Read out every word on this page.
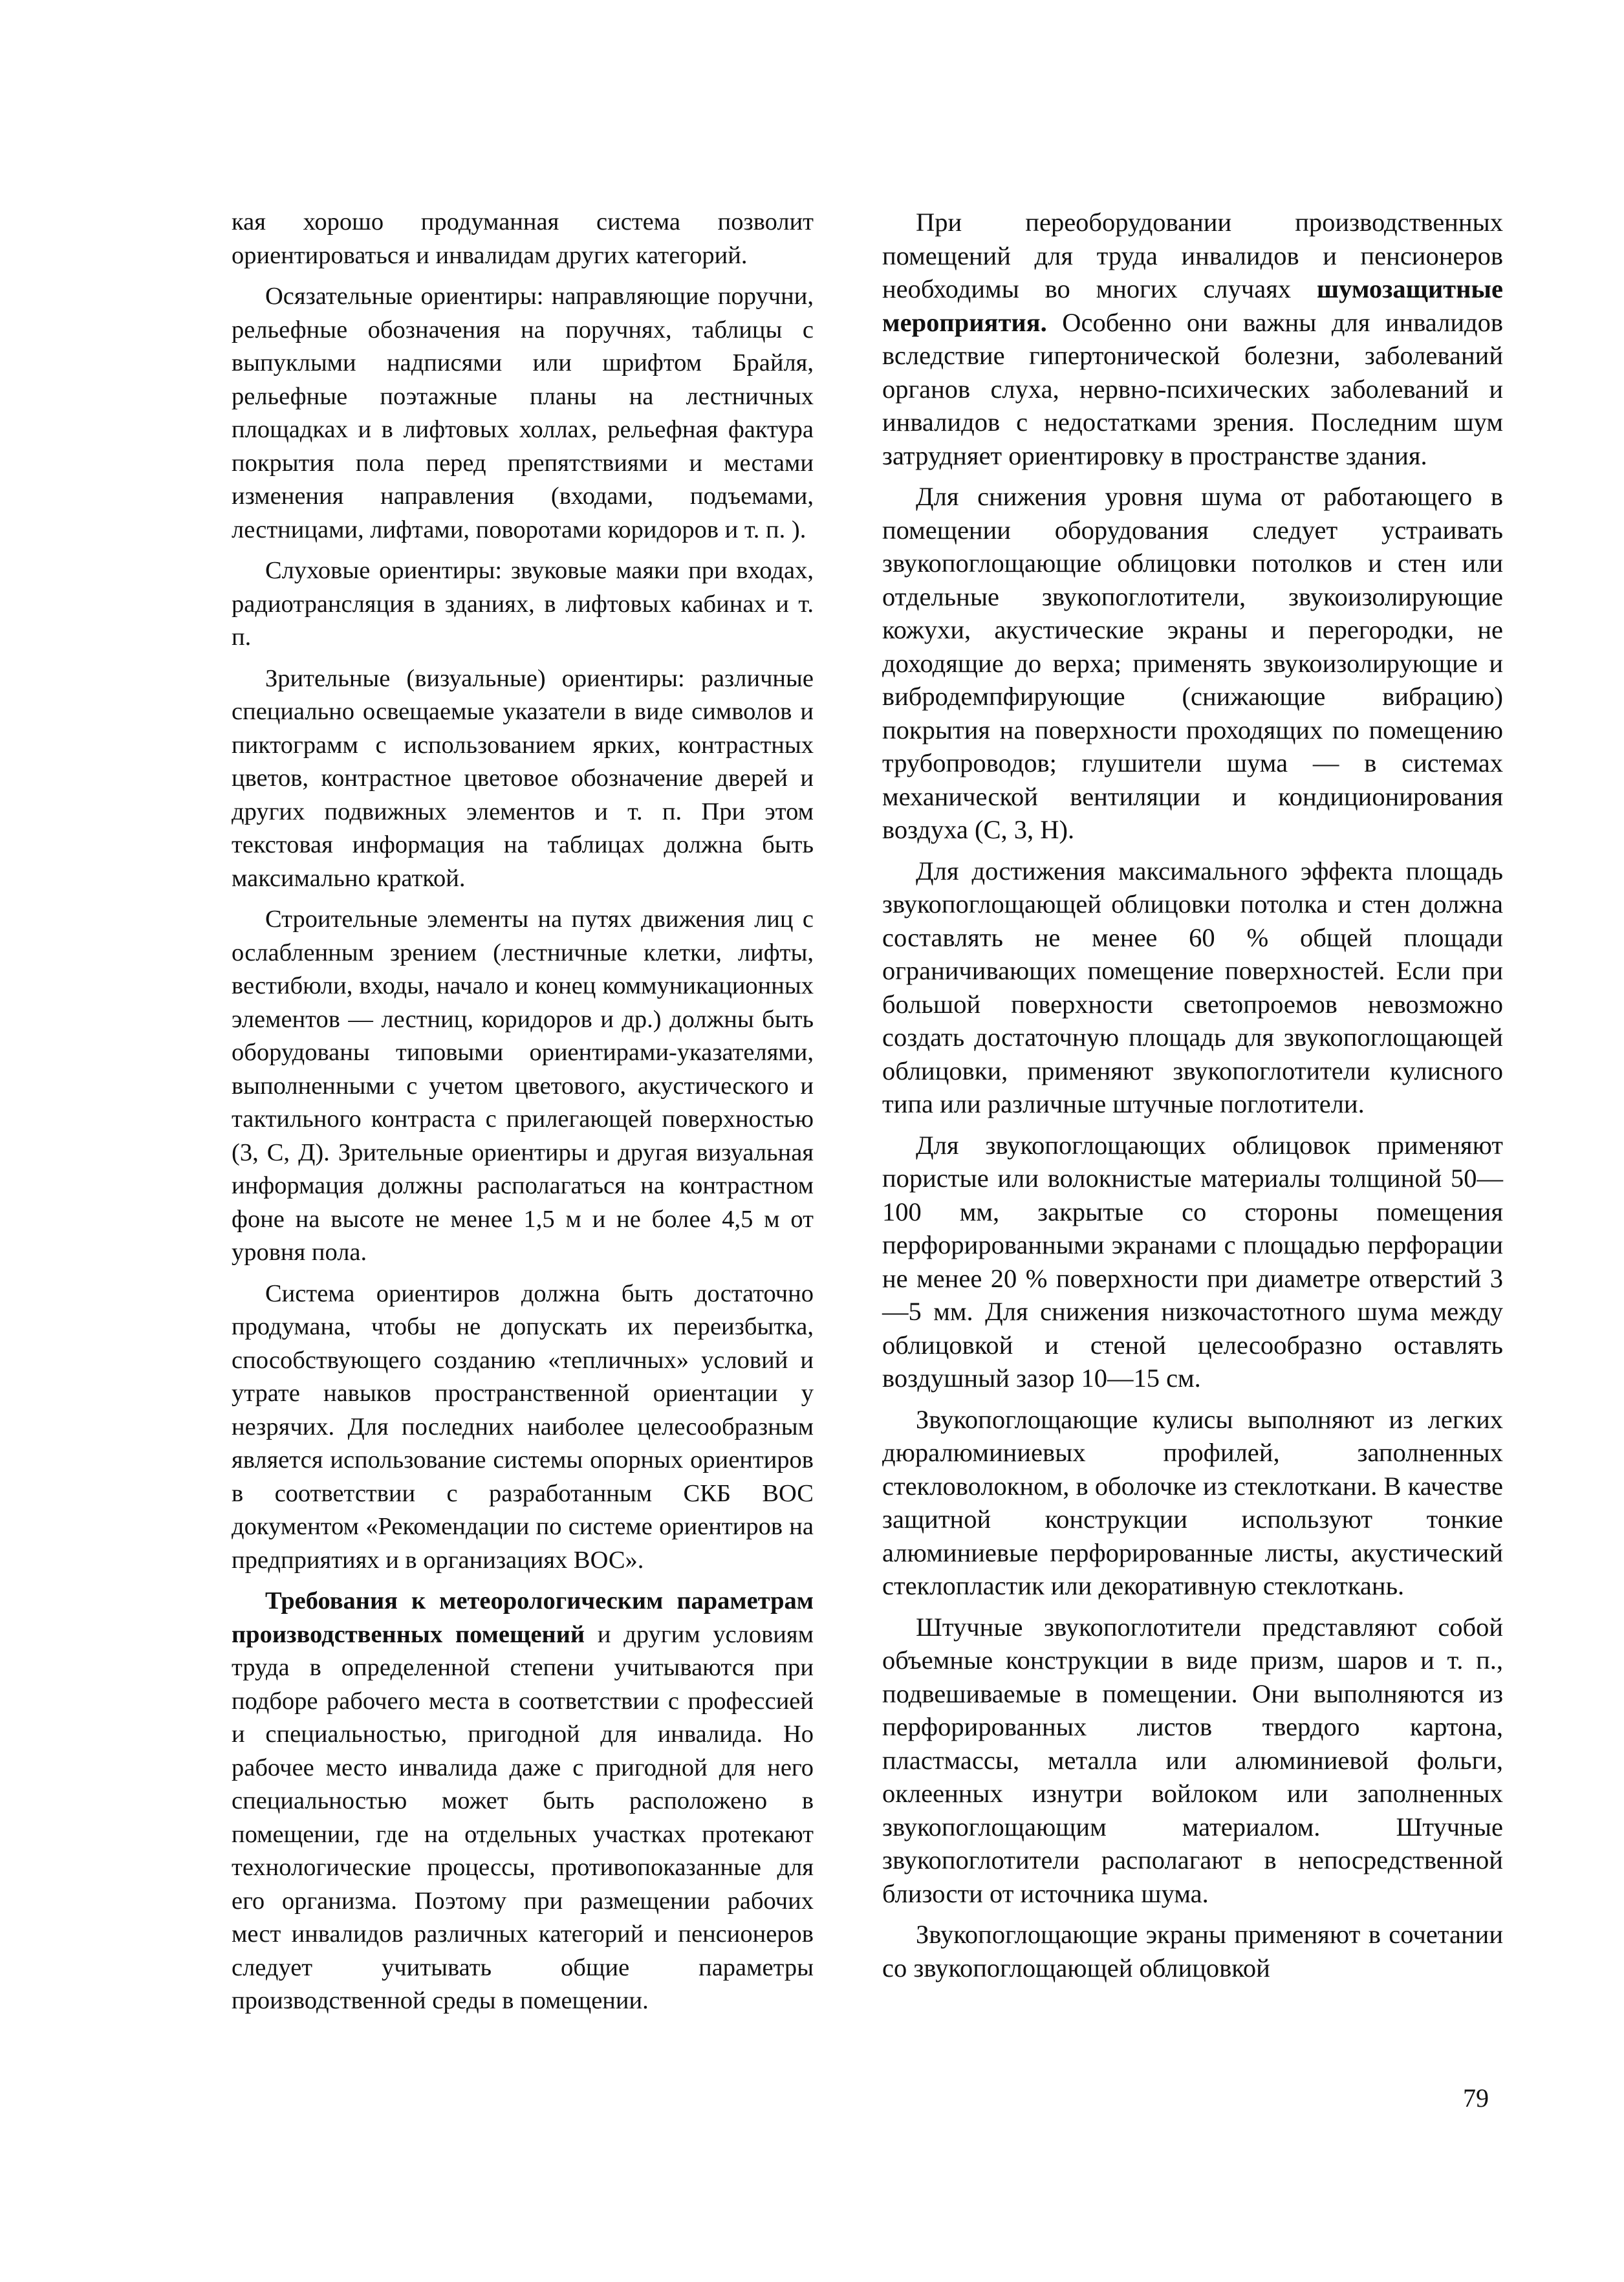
кая хорошо продуманная система позволит ориентироваться и инвалидам других категорий.

Осязательные ориентиры: направляющие поручни, рельефные обозначения на поручнях, таблицы с выпуклыми надписями или шрифтом Брайля, рельефные поэтажные планы на лестничных площадках и в лифтовых холлах, рельефная фактура покрытия пола перед препятствиями и местами изменения направления (входами, подъемами, лестницами, лифтами, поворотами коридоров и т. п. ).

Слуховые ориентиры: звуковые маяки при входах, радиотрансляция в зданиях, в лифтовых кабинах и т. п.

Зрительные (визуальные) ориентиры: различные специально освещаемые указатели в виде символов и пиктограмм с использованием ярких, контрастных цветов, контрастное цветовое обозначение дверей и других подвижных элементов и т. п. При этом текстовая информация на таблицах должна быть максимально краткой.

Строительные элементы на путях движения лиц с ослабленным зрением (лестничные клетки, лифты, вестибюли, входы, начало и конец коммуникационных элементов — лестниц, коридоров и др.) должны быть оборудованы типовыми ориентирами-указателями, выполненными с учетом цветового, акустического и тактильного контраста с прилегающей поверхностью (3, С, Д). Зрительные ориентиры и другая визуальная информация должны располагаться на контрастном фоне на высоте не менее 1,5 м и не более 4,5 м от уровня пола.

Система ориентиров должна быть достаточно продумана, чтобы не допускать их переизбытка, способствующего созданию «тепличных» условий и утрате навыков пространственной ориентации у незрячих. Для последних наиболее целесообразным является использование системы опорных ориентиров в соответствии с разработанным СКБ ВОС документом «Рекомендации по системе ориентиров на предприятиях и в организациях ВОС».

Требования к метеорологическим параметрам производственных помещений и другим условиям труда в определенной степени учитываются при подборе рабочего места в соответствии с профессией и специальностью, пригодной для инвалида. Но рабочее место инвалида даже с пригодной для него специальностью может быть расположено в помещении, где на отдельных участках протекают технологические процессы, противопоказанные для его организма. Поэтому при размещении рабочих мест инвалидов различных категорий и пенсионеров следует учитывать общие параметры производственной среды в помещении.

При переоборудовании производственных помещений для труда инвалидов и пенсионеров необходимы во многих случаях шумозащитные мероприятия. Особенно они важны для инвалидов вследствие гипертонической болезни, заболеваний органов слуха, нервно-психических заболеваний и инвалидов с недостатками зрения. Последним шум затрудняет ориентировку в пространстве здания.

Для снижения уровня шума от работающего в помещении оборудования следует устраивать звукопоглощающие облицовки потолков и стен или отдельные звукопоглотители, звукоизолирующие кожухи, акустические экраны и перегородки, не доходящие до верха; применять звукоизолирующие и вибродемпфирующие (снижающие вибрацию) покрытия на поверхности проходящих по помещению трубопроводов; глушители шума — в системах механической вентиляции и кондиционирования воздуха (С, 3, Н).

Для достижения максимального эффекта площадь звукопоглощающей облицовки потолка и стен должна составлять не менее 60 % общей площади ограничивающих помещение поверхностей. Если при большой поверхности светопроемов невозможно создать достаточную площадь для звукопоглощающей облицовки, применяют звукопоглотители кулисного типа или различные штучные поглотители.

Для звукопоглощающих облицовок применяют пористые или волокнистые материалы толщиной 50—100 мм, закрытые со стороны помещения перфорированными экранами с площадью перфорации не менее 20 % поверхности при диаметре отверстий 3—5 мм. Для снижения низкочастотного шума между облицовкой и стеной целесообразно оставлять воздушный зазор 10—15 см.

Звукопоглощающие кулисы выполняют из легких дюралюминиевых профилей, заполненных стекловолокном, в оболочке из стеклоткани. В качестве защитной конструкции используют тонкие алюминиевые перфорированные листы, акустический стеклопластик или декоративную стеклоткань.

Штучные звукопоглотители представляют собой объемные конструкции в виде призм, шаров и т. п., подвешиваемые в помещении. Они выполняются из перфорированных листов твердого картона, пластмассы, металла или алюминиевой фольги, оклеенных изнутри войлоком или заполненных звукопоглощающим материалом. Штучные звукопоглотители располагают в непосредственной близости от источника шума.

Звукопоглощающие экраны применяют в сочетании со звукопоглощающей облицовкой

79
